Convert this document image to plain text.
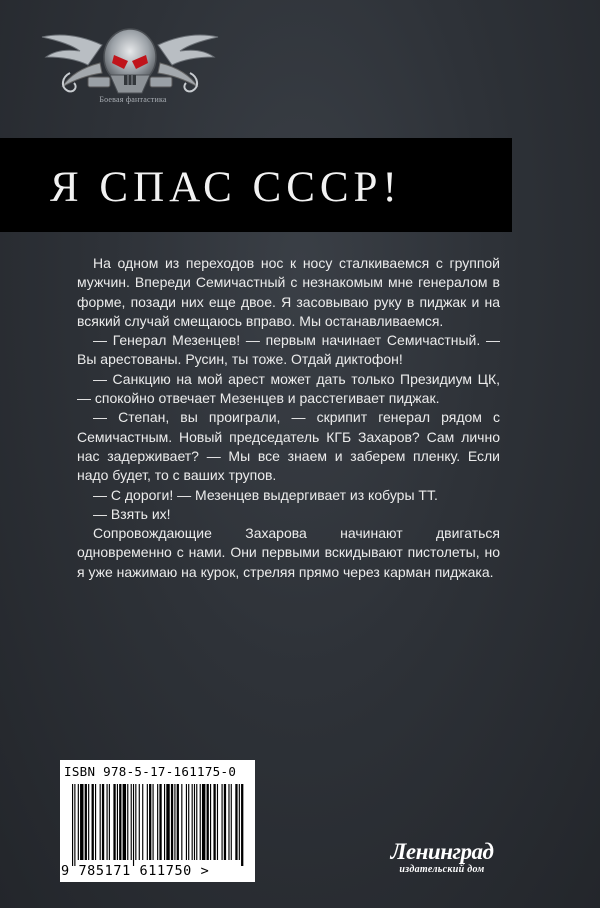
Боевая фантастика
Я СПАС СССР!

На одном из переходов нос к носу сталкиваемся с группой мужчин. Впереди Семичастный с незнакомым мне генералом в форме, позади них еще двое. Я засовываю руку в пиджак и на всякий случай смещаюсь вправо. Мы останавливаемся.

— Генерал Мезенцев! — первым начинает Семичастный. — Вы арестованы. Русин, ты тоже. Отдай диктофон!

— Санкцию на мой арест может дать только Президиум ЦК, — спокойно отвечает Мезенцев и расстегивает пиджак.

— Степан, вы проиграли, — скрипит генерал рядом с Семичастным. Новый председатель КГБ Захаров? Сам лично нас задерживает? — Мы все знаем и заберем пленку. Если надо будет, то с ваших трупов.

— С дороги! — Мезенцев выдергивает из кобуры ТТ.

— Взять их!

Сопровождающие Захарова начинают двигаться одновременно с нами. Они первыми вскидывают пистолеты, но я уже нажимаю на курок, стреляя прямо через карман пиджака.

ISBN 978-5-17-161175-0
9 785171 611750 >
Ленинград
издательский дом
